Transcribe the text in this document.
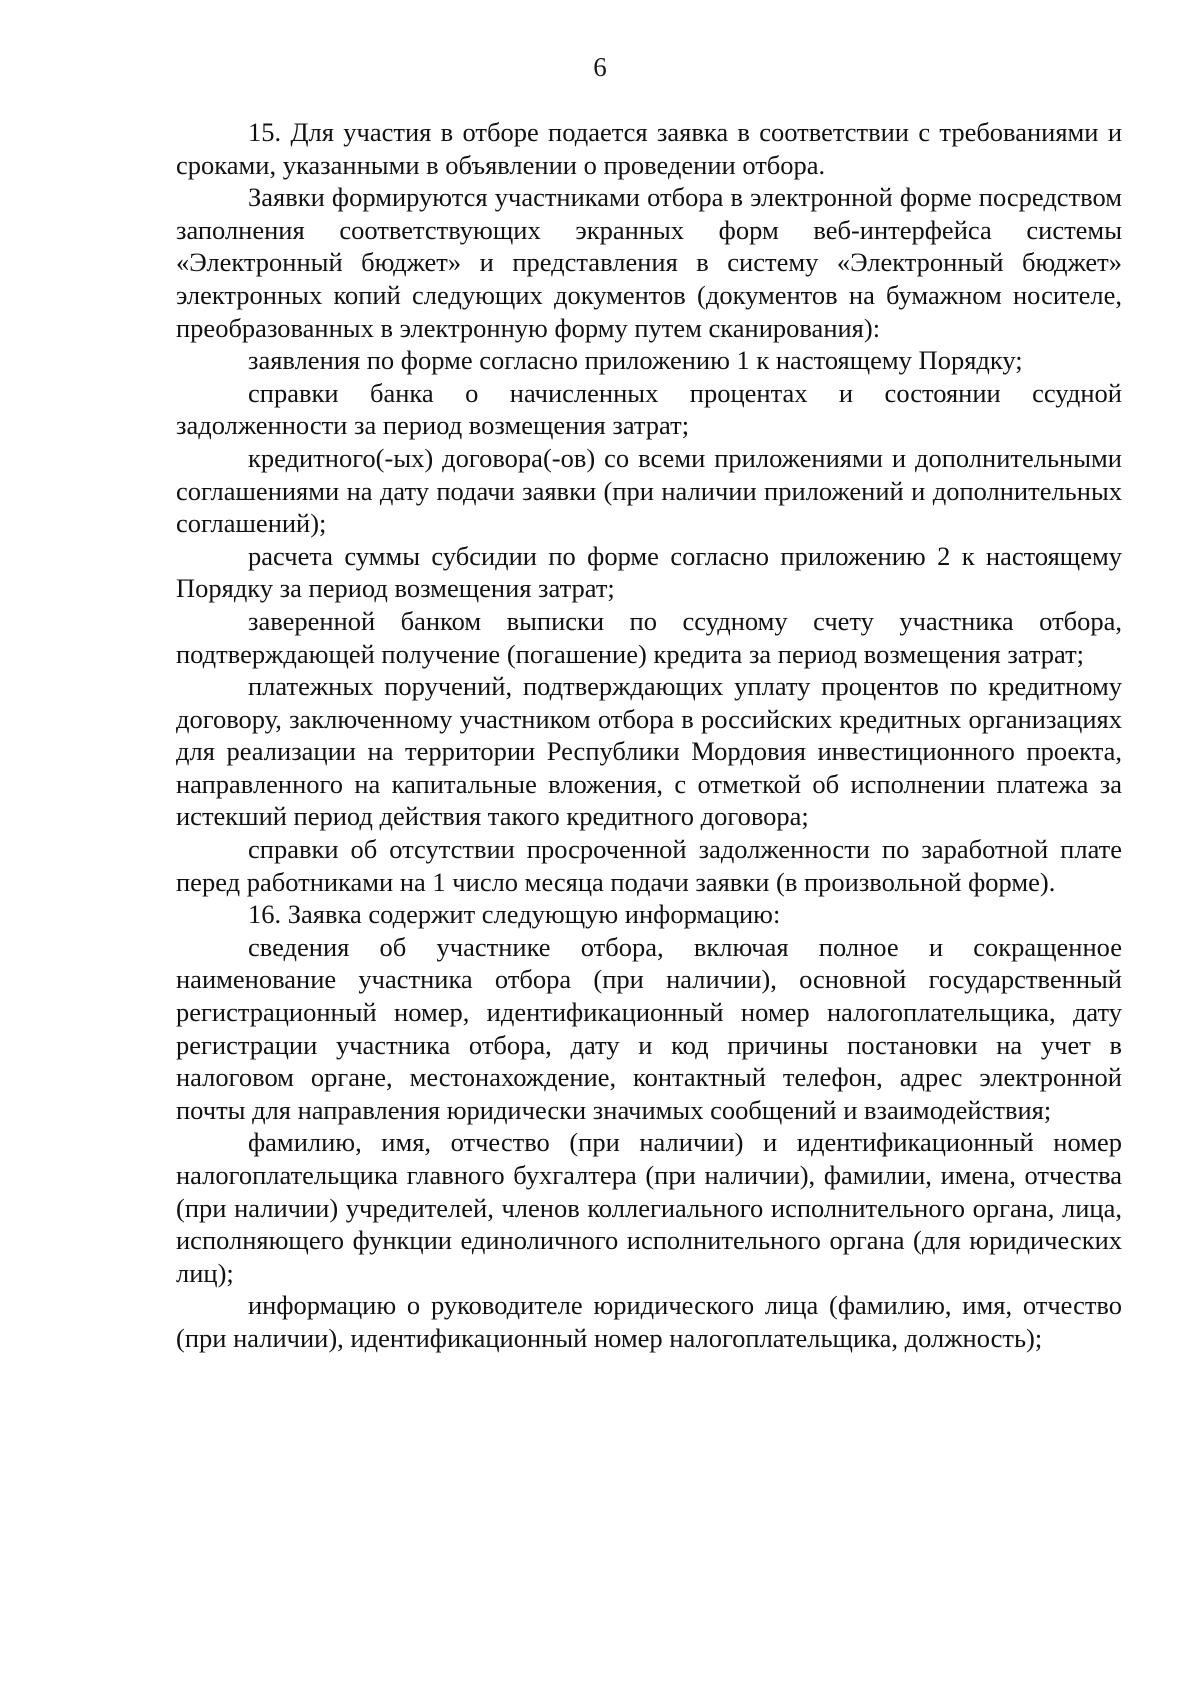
6

15. Для участия в отборе подается заявка в соответствии с требованиями и сроками, указанными в объявлении о проведении отбора.

Заявки формируются участниками отбора в электронной форме посредством заполнения соответствующих экранных форм веб-интерфейса системы «Электронный бюджет» и представления в систему «Электронный бюджет» электронных копий следующих документов (документов на бумажном носителе, преобразованных в электронную форму путем сканирования):

заявления по форме согласно приложению 1 к настоящему Порядку;

справки банка о начисленных процентах и состоянии ссудной задолженности за период возмещения затрат;

кредитного(-ых) договора(-ов) со всеми приложениями и дополнительными соглашениями на дату подачи заявки (при наличии приложений и дополнительных соглашений);

расчета суммы субсидии по форме согласно приложению 2 к настоящему Порядку за период возмещения затрат;

заверенной банком выписки по ссудному счету участника отбора, подтверждающей получение (погашение) кредита за период возмещения затрат;

платежных поручений, подтверждающих уплату процентов по кредитному договору, заключенному участником отбора в российских кредитных организациях для реализации на территории Республики Мордовия инвестиционного проекта, направленного на капитальные вложения, с отметкой об исполнении платежа за истекший период действия такого кредитного договора;

справки об отсутствии просроченной задолженности по заработной плате перед работниками на 1 число месяца подачи заявки (в произвольной форме).

16. Заявка содержит следующую информацию:

сведения об участнике отбора, включая полное и сокращенное наименование участника отбора (при наличии), основной государственный регистрационный номер, идентификационный номер налогоплательщика, дату регистрации участника отбора, дату и код причины постановки на учет в налоговом органе, местонахождение, контактный телефон, адрес электронной почты для направления юридически значимых сообщений и взаимодействия;

фамилию, имя, отчество (при наличии) и идентификационный номер налогоплательщика главного бухгалтера (при наличии), фамилии, имена, отчества (при наличии) учредителей, членов коллегиального исполнительного органа, лица, исполняющего функции единоличного исполнительного органа (для юридических лиц);

информацию о руководителе юридического лица (фамилию, имя, отчество (при наличии), идентификационный номер налогоплательщика, должность);
